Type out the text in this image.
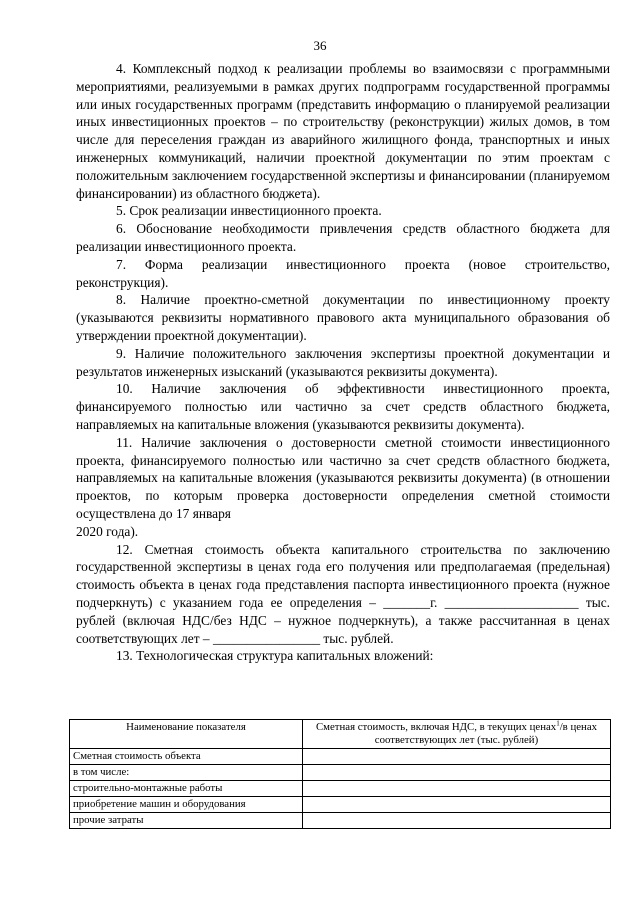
36

4. Комплексный подход к реализации проблемы во взаимосвязи с программными мероприятиями, реализуемыми в рамках других подпрограмм государственной программы или иных государственных программ (представить информацию о планируемой реализации иных инвестиционных проектов – по строительству (реконструкции) жилых домов, в том числе для переселения граждан из аварийного жилищного фонда, транспортных и иных инженерных коммуникаций, наличии проектной документации по этим проектам с положительным заключением государственной экспертизы и финансировании (планируемом финансировании) из областного бюджета).

5. Срок реализации инвестиционного проекта.

6. Обоснование необходимости привлечения средств областного бюджета для реализации инвестиционного проекта.

7. Форма реализации инвестиционного проекта (новое строительство, реконструкция).

8. Наличие проектно-сметной документации по инвестиционному проекту (указываются реквизиты нормативного правового акта муниципального образования об утверждении проектной документации).

9. Наличие положительного заключения экспертизы проектной документации и результатов инженерных изысканий (указываются реквизиты документа).

10. Наличие заключения об эффективности инвестиционного проекта, финансируемого полностью или частично за счет средств областного бюджета, направляемых на капитальные вложения (указываются реквизиты документа).

11. Наличие заключения о достоверности сметной стоимости инвестиционного проекта, финансируемого полностью или частично за счет средств областного бюджета, направляемых на капитальные вложения (указываются реквизиты документа) (в отношении проектов, по которым проверка достоверности определения сметной стоимости осуществлена до 17 января

2020 года).

12. Сметная стоимость объекта капитального строительства по заключению государственной экспертизы в ценах года его получения или предполагаемая (предельная) стоимость объекта в ценах года представления паспорта инвестиционного проекта (нужное подчеркнуть) с указанием года ее определения – _______г. ____________________ тыс. рублей (включая НДС/без НДС – нужное подчеркнуть), а также рассчитанная в ценах соответствующих лет – ________________ тыс. рублей.

13. Технологическая структура капитальных вложений:

Наименование показателя	Сметная стоимость, включая НДС, в текущих ценах$^1$/в ценах соответствующих лет (тыс. рублей)
Сметная стоимость объекта	
в том числе:	
строительно-монтажные работы	
приобретение машин и оборудования	
прочие затраты	
